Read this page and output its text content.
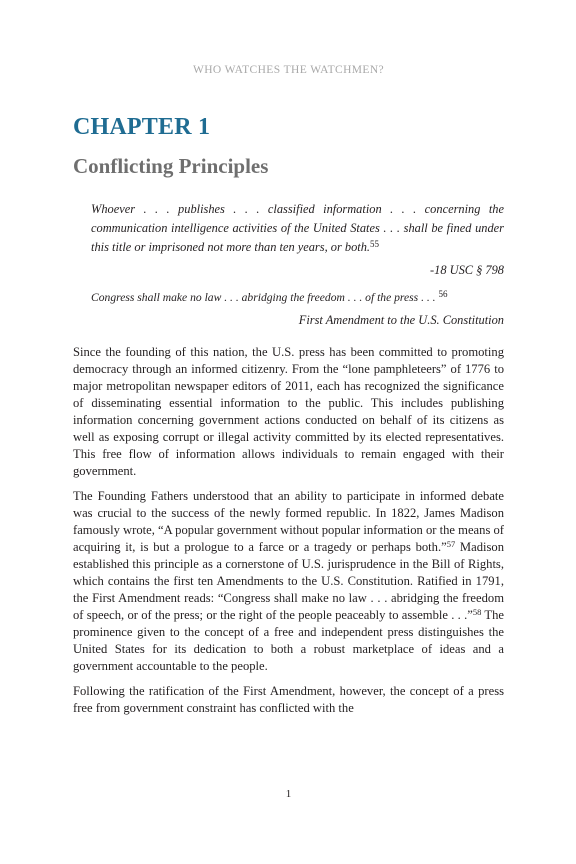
WHO WATCHES THE WATCHMEN?
CHAPTER 1
Conflicting Principles

Whoever . . . publishes . . . classified information . . . concerning the communication intelligence activities of the United States . . . shall be fined under this title or imprisoned not more than ten years, or both.$^{55}$

-18 USC § 798

Congress shall make no law . . . abridging the freedom . . . of the press . . . $^{56}$

First Amendment to the U.S. Constitution

Since the founding of this nation, the U.S. press has been committed to promoting democracy through an informed citizenry. From the “lone pamphleteers” of 1776 to major metropolitan newspaper editors of 2011, each has recognized the significance of disseminating essential information to the public. This includes publishing information concerning government actions conducted on behalf of its citizens as well as exposing corrupt or illegal activity committed by its elected representatives. This free flow of information allows individuals to remain engaged with their government.

The Founding Fathers understood that an ability to participate in informed debate was crucial to the success of the newly formed republic. In 1822, James Madison famously wrote, “A popular government without popular information or the means of acquiring it, is but a prologue to a farce or a tragedy or perhaps both.”$^{57}$ Madison established this principle as a cornerstone of U.S. jurisprudence in the Bill of Rights, which contains the first ten Amendments to the U.S. Constitution. Ratified in 1791, the First Amendment reads: “Congress shall make no law . . . abridging the freedom of speech, or of the press; or the right of the people peaceably to assemble . . .”$^{58}$ The prominence given to the concept of a free and independent press distinguishes the United States for its dedication to both a robust marketplace of ideas and a government accountable to the people.

Following the ratification of the First Amendment, however, the concept of a press free from government constraint has conflicted with the

1
